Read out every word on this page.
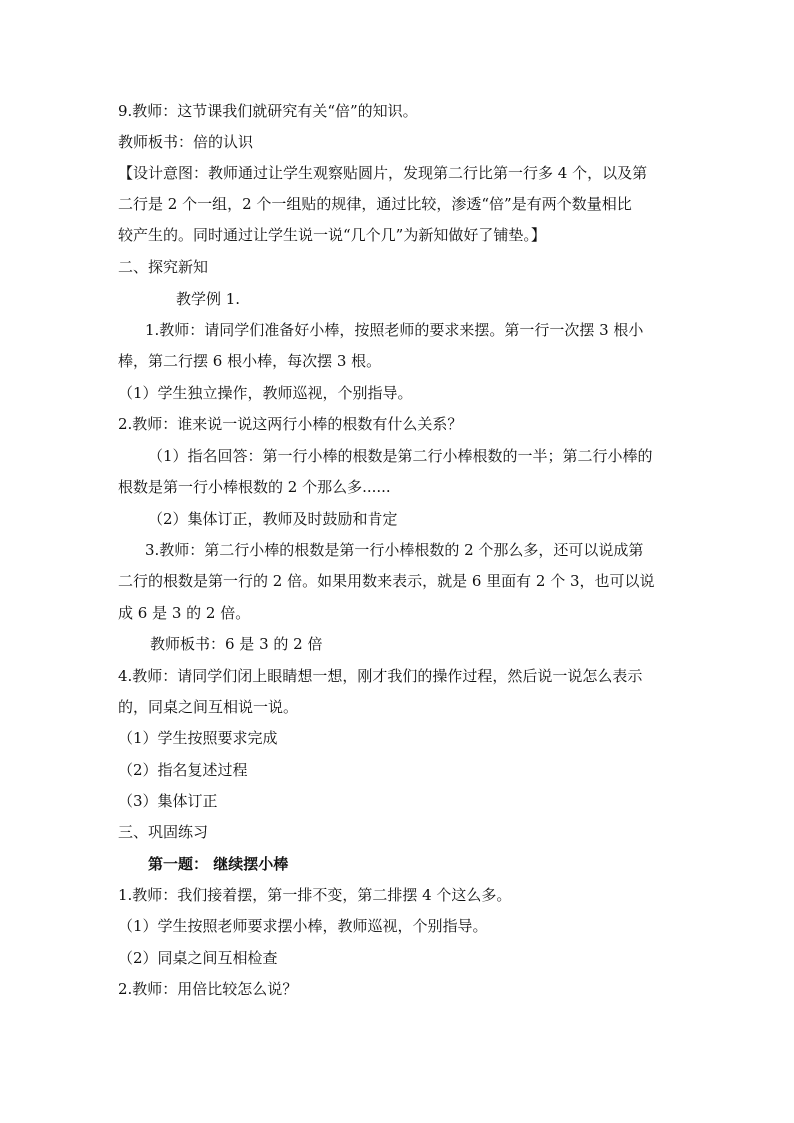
9.教师：这节课我们就研究有关“倍”的知识。
教师板书：倍的认识
【设计意图：教师通过让学生观察贴圆片，发现第二行比第一行多 4 个，以及第
二行是 2 个一组，2 个一组贴的规律，通过比较，渗透“倍”是有两个数量相比
较产生的。同时通过让学生说一说“几个几”为新知做好了铺垫。】
二、探究新知
教学例 1.
1.教师：请同学们准备好小棒，按照老师的要求来摆。第一行一次摆 3 根小
棒，第二行摆 6 根小棒，每次摆 3 根。
（1）学生独立操作，教师巡视，个别指导。
2.教师：谁来说一说这两行小棒的根数有什么关系？
（1）指名回答：第一行小棒的根数是第二行小棒根数的一半；第二行小棒的
根数是第一行小棒根数的 2 个那么多......
（2）集体订正，教师及时鼓励和肯定
3.教师：第二行小棒的根数是第一行小棒根数的 2 个那么多，还可以说成第
二行的根数是第一行的 2 倍。如果用数来表示，就是 6 里面有 2 个 3，也可以说
成 6 是 3 的 2 倍。
教师板书：6 是 3 的 2 倍
4.教师：请同学们闭上眼睛想一想，刚才我们的操作过程，然后说一说怎么表示
的，同桌之间互相说一说。
（1）学生按照要求完成
（2）指名复述过程
（3）集体订正
三、巩固练习
第一题： 继续摆小棒
1.教师：我们接着摆，第一排不变，第二排摆 4 个这么多。
（1）学生按照老师要求摆小棒，教师巡视，个别指导。
（2）同桌之间互相检查
2.教师：用倍比较怎么说？
